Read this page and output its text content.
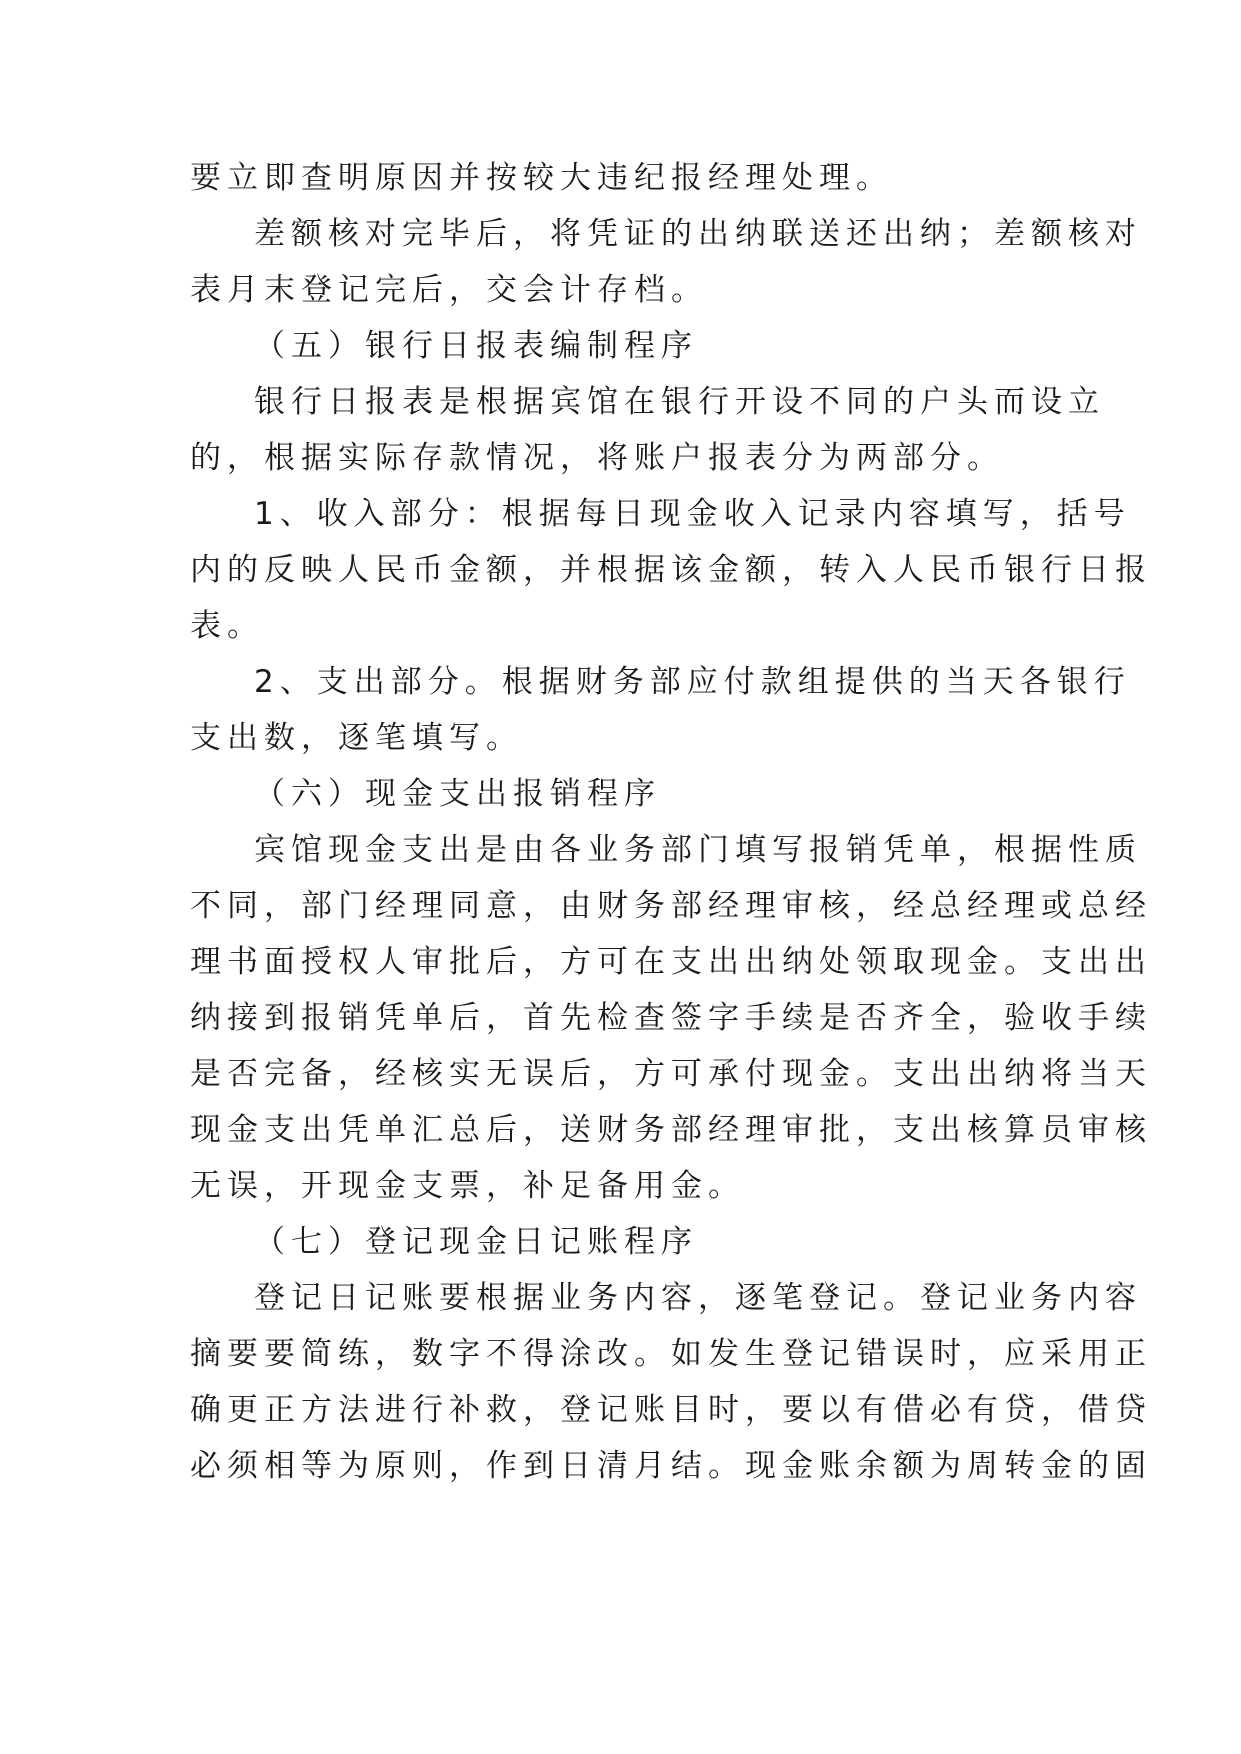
要立即查明原因并按较大违纪报经理处理。

差额核对完毕后，将凭证的出纳联送还出纳；差额核对
表月末登记完后，交会计存档。

（五）银行日报表编制程序

银行日报表是根据宾馆在银行开设不同的户头而设立
的，根据实际存款情况，将账户报表分为两部分。

1、收入部分：根据每日现金收入记录内容填写，括号
内的反映人民币金额，并根据该金额，转入人民币银行日报
表。

2、支出部分。根据财务部应付款组提供的当天各银行
支出数，逐笔填写。

（六）现金支出报销程序

宾馆现金支出是由各业务部门填写报销凭单，根据性质
不同，部门经理同意，由财务部经理审核，经总经理或总经
理书面授权人审批后，方可在支出出纳处领取现金。支出出
纳接到报销凭单后，首先检查签字手续是否齐全，验收手续
是否完备，经核实无误后，方可承付现金。支出出纳将当天
现金支出凭单汇总后，送财务部经理审批，支出核算员审核
无误，开现金支票，补足备用金。

（七）登记现金日记账程序

登记日记账要根据业务内容，逐笔登记。登记业务内容
摘要要简练，数字不得涂改。如发生登记错误时，应采用正
确更正方法进行补救，登记账目时，要以有借必有贷，借贷
必须相等为原则，作到日清月结。现金账余额为周转金的固
